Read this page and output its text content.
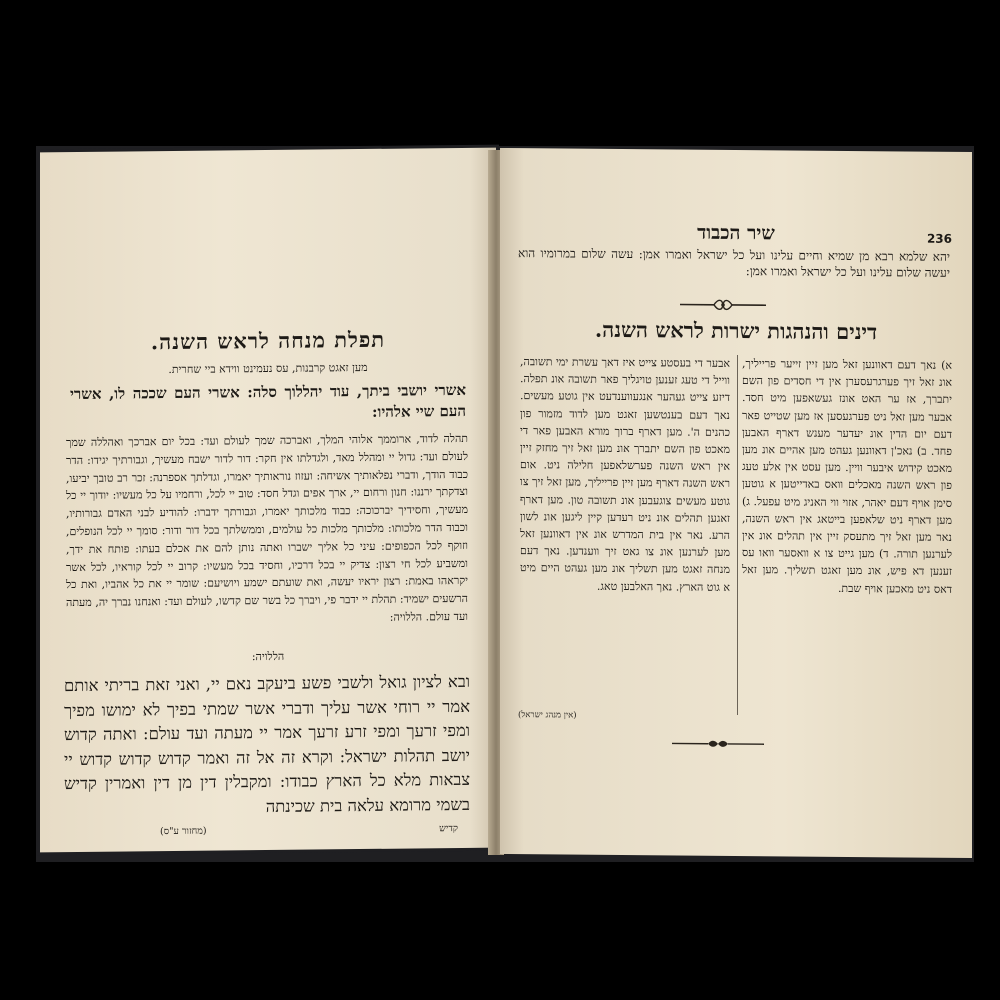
תפלת מנחה לראש השנה.
מען זאגט קרבנות, עס נעמינט ווידא ביי שחרית.
אשרי יושבי ביתך, עוד יהללוך סלה: אשרי העם שככה לו, אשרי העם שיי אלהיו:
תהלה לדוד, ארוממך אלוהי המלך, ואברכה שמך לעולם ועד: בכל יום אברכך ואהללה שמך לעולם ועד: גדול יי ומהלל מאד, ולגדלתו אין חקר: דור לדור ישבח מעשיך, וגבורתיך יגידו: הדר כבוד הודך, ודברי נפלאותיך אשיחה: ועזוז נוראותיך יאמרו, וגדלתך אספרנה: זכר רב טובך יביעו, וצדקתך ירננו: חנון ורחום יי, ארך אפים וגדל חסד: טוב יי לכל, ורחמיו על כל מעשיו: יודוך יי כל מעשיך, וחסידיך יברכוכה: כבוד מלכותך יאמרו, וגבורתך ידברו: להודיע לבני האדם גבורותיו, וכבוד הדר מלכותו: מלכותך מלכות כל עולמים, וממשלתך בכל דור ודור: סומך יי לכל הנופלים, וזוקף לכל הכפופים: עיני כל אליך ישברו ואתה נותן להם את אכלם בעתו: פותח את ידך, ומשביע לכל חי רצון: צדיק יי בכל דרכיו, וחסיד בכל מעשיו: קרוב יי לכל קוראיו, לכל אשר יקראהו באמת: רצון יראיו יעשה, ואת שועתם ישמע ויושיעם: שומר יי את כל אהביו, ואת כל הרשעים ישמיד: תהלת יי ידבר פי, ויברך כל בשר שם קדשו, לעולם ועד: ואנחנו נברך יה, מעתה ועד עולם. הללויה:
הללויה:
ובא לציון גואל ולשבי פשע ביעקב נאם יי, ואני זאת בריתי אותם אמר יי רוחי אשר עליך ודברי אשר שמתי בפיך לא ימושו מפיך ומפי זרעך ומפי זרע זרעך אמר יי מעתה ועד עולם: ואתה קדוש יושב תהלות ישראל: וקרא זה אל זה ואמר קדוש קדוש קדוש יי צבאות מלא כל הארץ כבודו: ומקבלין דין מן דין ואמרין קדיש בשמי מרומא עלאה בית שכינתה
קדיש
(מחזור ע"ס)
236
שיר הכבוד
יהא שלמא רבא מן שמיא וחיים עלינו ועל כל ישראל ואמרו אמן: עשה שלום במרומיו הוא יעשה שלום עלינו ועל כל ישראל ואמרו אמן:
דינים והנהגות ישרות לראש השנה.
א) נאך דעם דאוונען זאל מען זיין זייער פרייליך, אונ זאל זיך פערגרעסערן אין די חסדים פון השם יתברך, אז ער האט אונז געשאפען מיט חסד. אבער מען זאל ניט פערגעסען אז מען שטייט פאר דעם יום הדין אונ יעדער מענש דארף האבען פחד. ב) נאכ'ן דאוונען געהט מען אהיים אונ מען מאכט קידוש איבער וויין. מען עסט אין אלע טעג פון ראש השנה מאכלים וואס באדייטען א גוטען סימן אויף דעם יאהר, אזוי ווי האניג מיט עפעל. ג) מען דארף ניט שלאפען בייטאג אין ראש השנה, נאר מען זאל זיך מתעסק זיין אין תהלים אונ אין לערנען תורה. ד) מען גייט צו א וואסער וואו עס זענען דא פיש, אונ מען זאגט תשליך. מען זאל דאס ניט מאכען אויף שבת.
אבער די בעסטע צייט איז דאך עשרת ימי תשובה, ווייל די טעג זענען טויגליך פאר תשובה אונ תפלה. דיזע צייט געהער אנגעווענדעט אין גוטע מעשים. נאך דעם בענטשען זאגט מען לדוד מזמור פון כהנים ה'. מען דארף ברוך מורא האבען פאר די מאכט פון השם יתברך אונ מען זאל זיך מחזק זיין אין ראש השנה פערשלאפען חלילה ניט. אום ראש השנה דארף מען זיין פרייליך, מען זאל זיך צו גוטע מעשים צוגעבען אונ תשובה טון. מען דארף זאגען תהלים אונ ניט רעדען קיין ליגען אונ לשון הרע. נאר אין בית המדרש אונ אין דאוונען זאל מען לערנען אונ צו גאט זיך ווענדען. נאך דעם מנחה זאגט מען תשליך אונ מען געהט היים מיט א גוט הארץ. נאך האלבען טאג.
(אין מנהג ישראל)
